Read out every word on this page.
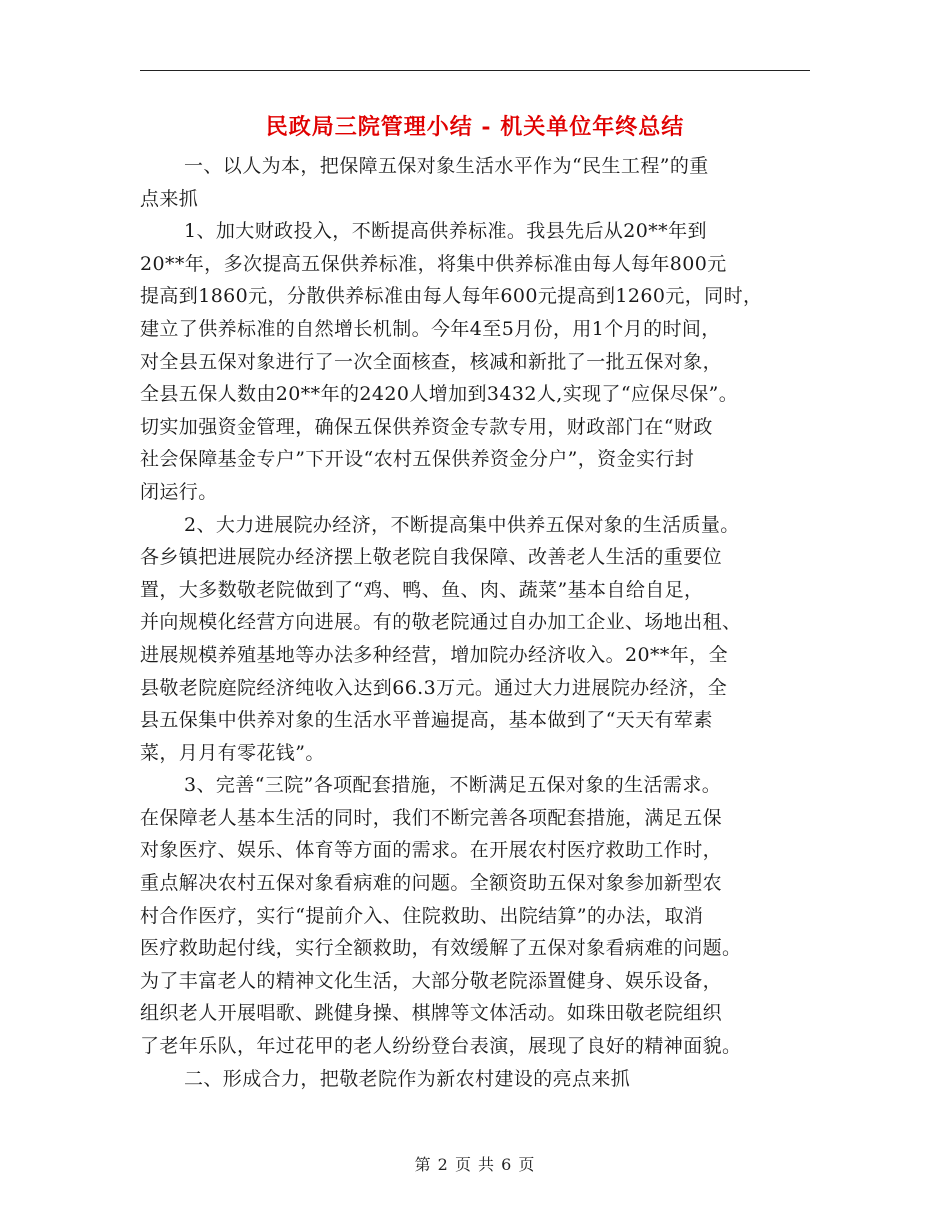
民政局三院管理小结 - 机关单位年终总结
一、以人为本，把保障五保对象生活水平作为“民生工程”的重
点来抓
1、加大财政投入，不断提高供养标准。我县先后从20**年到
20**年，多次提高五保供养标准，将集中供养标准由每人每年800元
提高到1860元，分散供养标准由每人每年600元提高到1260元，同时，
建立了供养标准的自然增长机制。今年4至5月份，用1个月的时间，
对全县五保对象进行了一次全面核查，核减和新批了一批五保对象，
全县五保人数由20**年的2420人增加到3432人,实现了“应保尽保”。
切实加强资金管理，确保五保供养资金专款专用，财政部门在“财政
社会保障基金专户”下开设“农村五保供养资金分户”，资金实行封
闭运行。
2、大力进展院办经济，不断提高集中供养五保对象的生活质量。
各乡镇把进展院办经济摆上敬老院自我保障、改善老人生活的重要位
置，大多数敬老院做到了“鸡、鸭、鱼、肉、蔬菜”基本自给自足，
并向规模化经营方向进展。有的敬老院通过自办加工企业、场地出租、
进展规模养殖基地等办法多种经营，增加院办经济收入。20**年，全
县敬老院庭院经济纯收入达到66.3万元。通过大力进展院办经济，全
县五保集中供养对象的生活水平普遍提高，基本做到了“天天有荤素
菜，月月有零花钱”。
3、完善“三院”各项配套措施，不断满足五保对象的生活需求。
在保障老人基本生活的同时，我们不断完善各项配套措施，满足五保
对象医疗、娱乐、体育等方面的需求。在开展农村医疗救助工作时，
重点解决农村五保对象看病难的问题。全额资助五保对象参加新型农
村合作医疗，实行“提前介入、住院救助、出院结算”的办法，取消
医疗救助起付线，实行全额救助，有效缓解了五保对象看病难的问题。
为了丰富老人的精神文化生活，大部分敬老院添置健身、娱乐设备，
组织老人开展唱歌、跳健身操、棋牌等文体活动。如珠田敬老院组织
了老年乐队，年过花甲的老人纷纷登台表演，展现了良好的精神面貌。
二、形成合力，把敬老院作为新农村建设的亮点来抓
第 2 页 共 6 页
